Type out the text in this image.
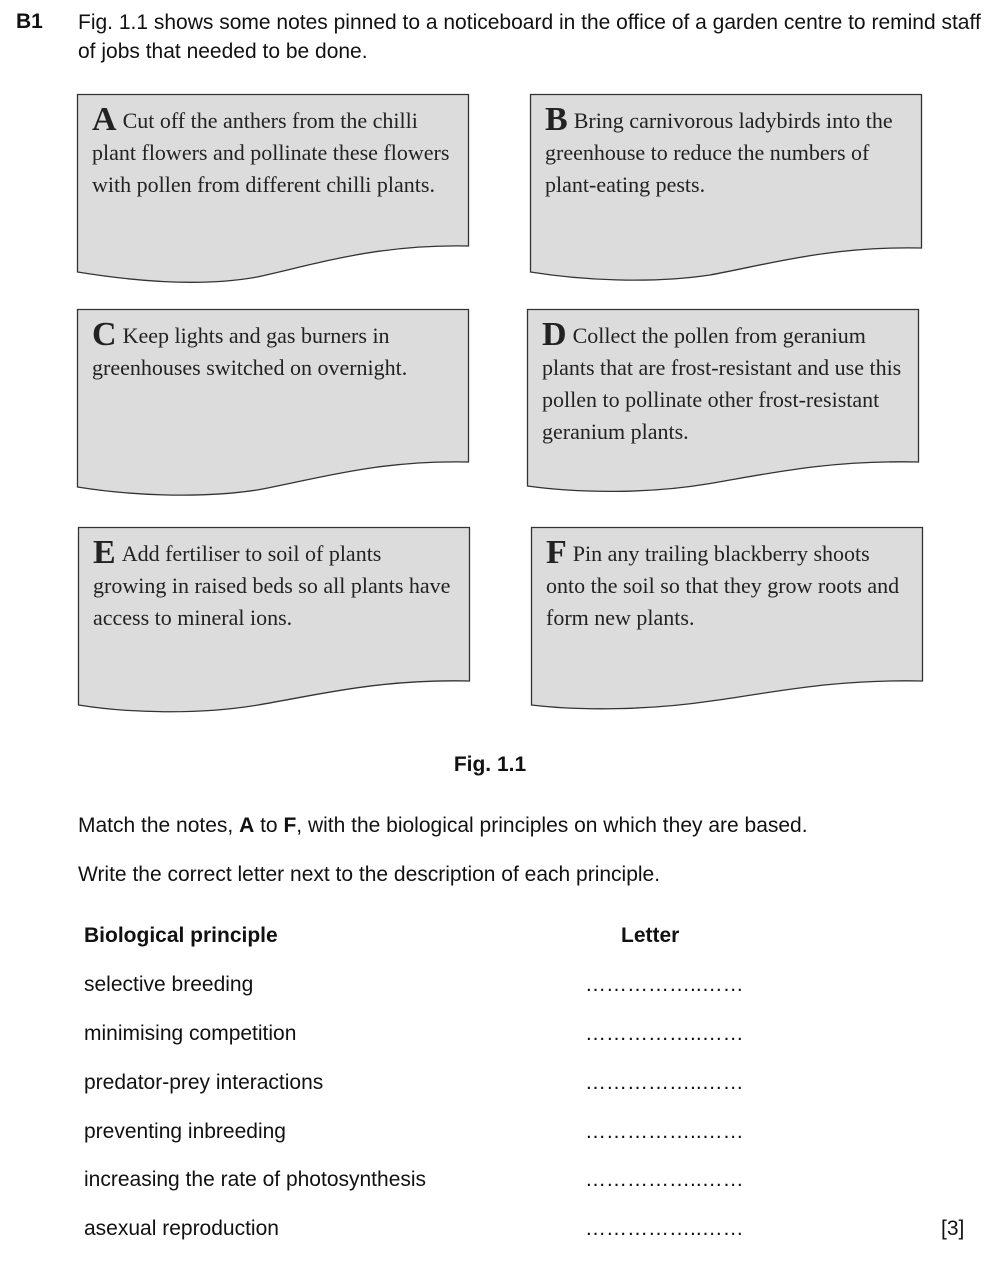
B1 Fig. 1.1 shows some notes pinned to a noticeboard in the office of a garden centre to remind staff of jobs that needed to be done.
A Cut off the anthers from the chilli plant flowers and pollinate these flowers with pollen from different chilli plants.
B Bring carnivorous ladybirds into the greenhouse to reduce the numbers of plant-eating pests.
C Keep lights and gas burners in greenhouses switched on overnight.
D Collect the pollen from geranium plants that are frost-resistant and use this pollen to pollinate other frost-resistant geranium plants.
E Add fertiliser to soil of plants growing in raised beds so all plants have access to mineral ions.
F Pin any trailing blackberry shoots onto the soil so that they grow roots and form new plants.
Fig. 1.1
Match the notes, A to F, with the biological principles on which they are based.
Write the correct letter next to the description of each principle.
Biological principle	Letter
selective breeding	……………..……
minimising competition	……………..……
predator-prey interactions	……………..……
preventing inbreeding	……………..……
increasing the rate of photosynthesis	……………..……
asexual reproduction	……………..……	[3]
